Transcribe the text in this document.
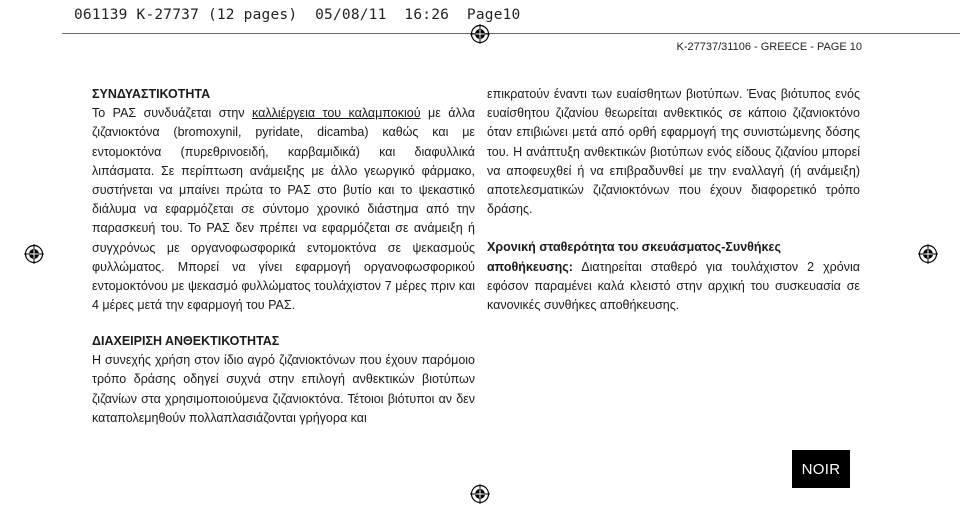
061139 K-27737 (12 pages)  05/08/11  16:26  Page10
K-27737/31106 - GREECE - PAGE 10

ΣΥΝΔΥΑΣΤΙΚΟΤΗΤΑ

Το ΡΑΣ συνδυάζεται στην καλλιέργεια του καλαμποκιού με άλλα ζιζανιοκτόνα (bromoxynil, pyridate, dicamba) καθώς και με εντομοκτόνα (πυρεθρινοειδή, καρβαμιδικά) και διαφυλλικά λιπάσματα. Σε περίπτωση ανάμειξης με άλλο γεωργικό φάρμακο, συστήνεται να μπαίνει πρώτα το ΡΑΣ στο βυτίο και το ψεκαστικό διάλυμα να εφαρμόζεται σε σύντομο χρονικό διάστημα από την παρασκευή του. Το ΡΑΣ δεν πρέπει να εφαρμόζεται σε ανάμειξη ή συγχρόνως με οργανοφωσφορικά εντομοκτόνα σε ψεκασμούς φυλλώματος. Μπορεί να γίνει εφαρμογή οργανοφωσφορικού εντομοκτόνου με ψεκασμό φυλλώματος τουλάχιστον 7 μέρες πριν και 4 μέρες μετά την εφαρμογή του ΡΑΣ.

ΔΙΑΧΕΙΡΙΣΗ ΑΝΘΕΚΤΙΚΟΤΗΤΑΣ

Η συνεχής χρήση στον ίδιο αγρό ζιζανιοκτόνων που έχουν παρόμοιο τρόπο δράσης οδηγεί συχνά στην επιλογή ανθεκτικών βιοτύπων ζιζανίων στα χρησιμοποιούμενα ζιζανιοκτόνα. Τέτοιοι βιότυποι αν δεν καταπολεμηθούν πολλαπλασιάζονται γρήγορα και

επικρατούν έναντι των ευαίσθητων βιοτύπων. Ένας βιότυπος ενός ευαίσθητου ζιζανίου θεωρείται ανθεκτικός σε κάποιο ζιζανιοκτόνο όταν επιβιώνει μετά από ορθή εφαρμογή της συνιστώμενης δόσης του. Η ανάπτυξη ανθεκτικών βιοτύπων ενός είδους ζιζανίου μπορεί να αποφευχθεί ή να επιβραδυνθεί με την εναλλαγή (ή ανάμειξη) αποτελεσματικών ζιζανιοκτόνων που έχουν διαφορετικό τρόπο δράσης.

Χρονική σταθερότητα του σκευάσματος-Συνθήκες
αποθήκευσης: Διατηρείται σταθερό για τουλάχιστον 2 χρόνια εφόσον παραμένει καλά κλειστό στην αρχική του συσκευασία σε κανονικές συνθήκες αποθήκευσης.

NOIR
